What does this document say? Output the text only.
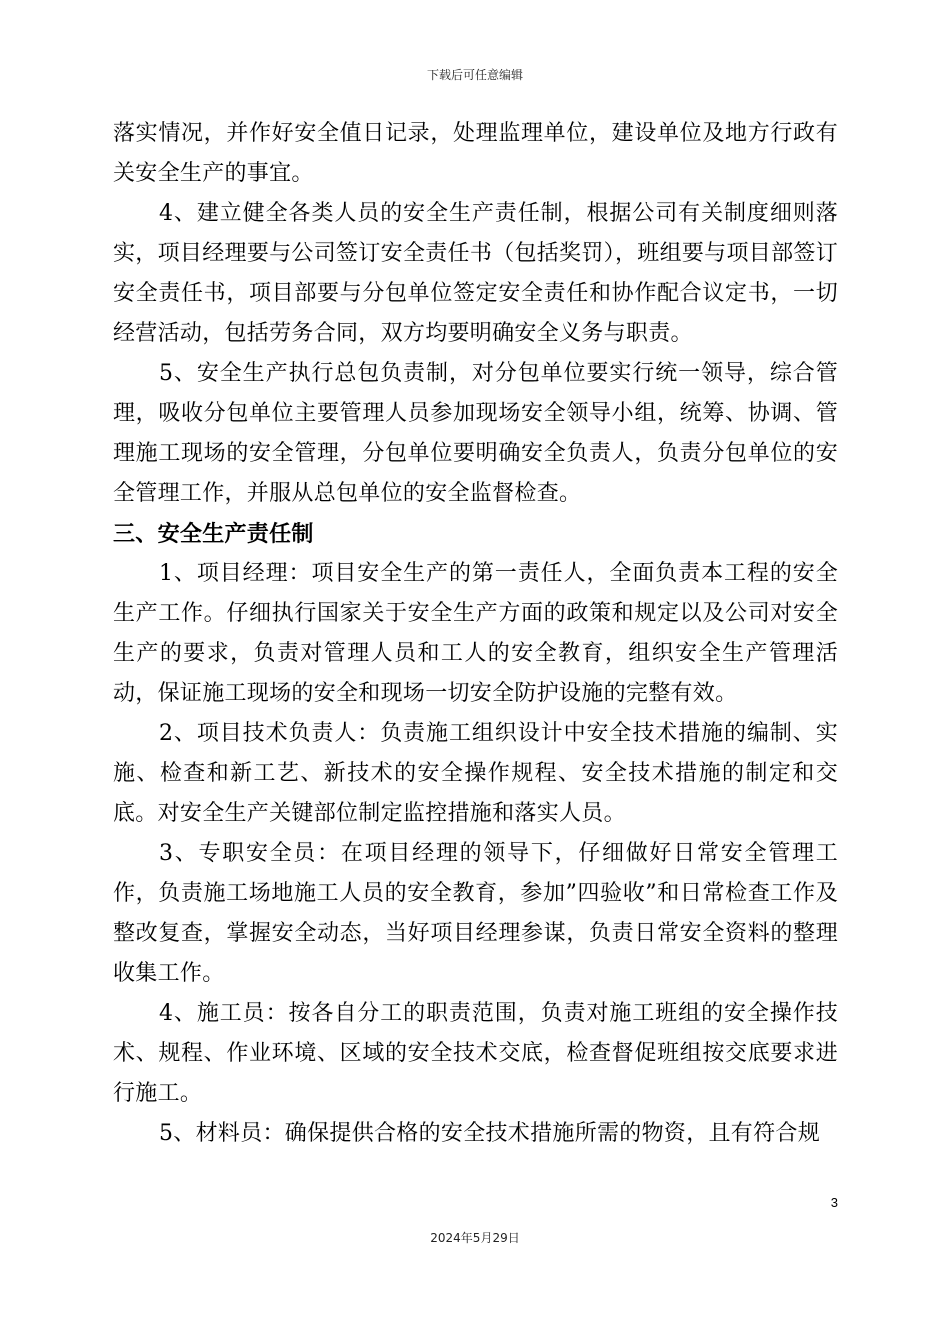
下载后可任意编辑

落实情况，并作好安全值日记录，处理监理单位，建设单位及地方行政有关安全生产的事宜。

4、建立健全各类人员的安全生产责任制，根据公司有关制度细则落实，项目经理要与公司签订安全责任书（包括奖罚），班组要与项目部签订安全责任书，项目部要与分包单位签定安全责任和协作配合议定书，一切经营活动，包括劳务合同，双方均要明确安全义务与职责。

5、安全生产执行总包负责制，对分包单位要实行统一领导，综合管理，吸收分包单位主要管理人员参加现场安全领导小组，统筹、协调、管理施工现场的安全管理，分包单位要明确安全负责人，负责分包单位的安全管理工作，并服从总包单位的安全监督检查。

三、安全生产责任制

1、项目经理：项目安全生产的第一责任人，全面负责本工程的安全生产工作。仔细执行国家关于安全生产方面的政策和规定以及公司对安全生产的要求，负责对管理人员和工人的安全教育，组织安全生产管理活动，保证施工现场的安全和现场一切安全防护设施的完整有效。

2、项目技术负责人：负责施工组织设计中安全技术措施的编制、实施、检查和新工艺、新技术的安全操作规程、安全技术措施的制定和交底。对安全生产关键部位制定监控措施和落实人员。

3、专职安全员：在项目经理的领导下，仔细做好日常安全管理工作，负责施工场地施工人员的安全教育，参加”四验收”和日常检查工作及整改复查，掌握安全动态，当好项目经理参谋，负责日常安全资料的整理收集工作。

4、施工员：按各自分工的职责范围，负责对施工班组的安全操作技术、规程、作业环境、区域的安全技术交底，检查督促班组按交底要求进行施工。

5、材料员：确保提供合格的安全技术措施所需的物资，且有符合规

3
2024年5月29日
